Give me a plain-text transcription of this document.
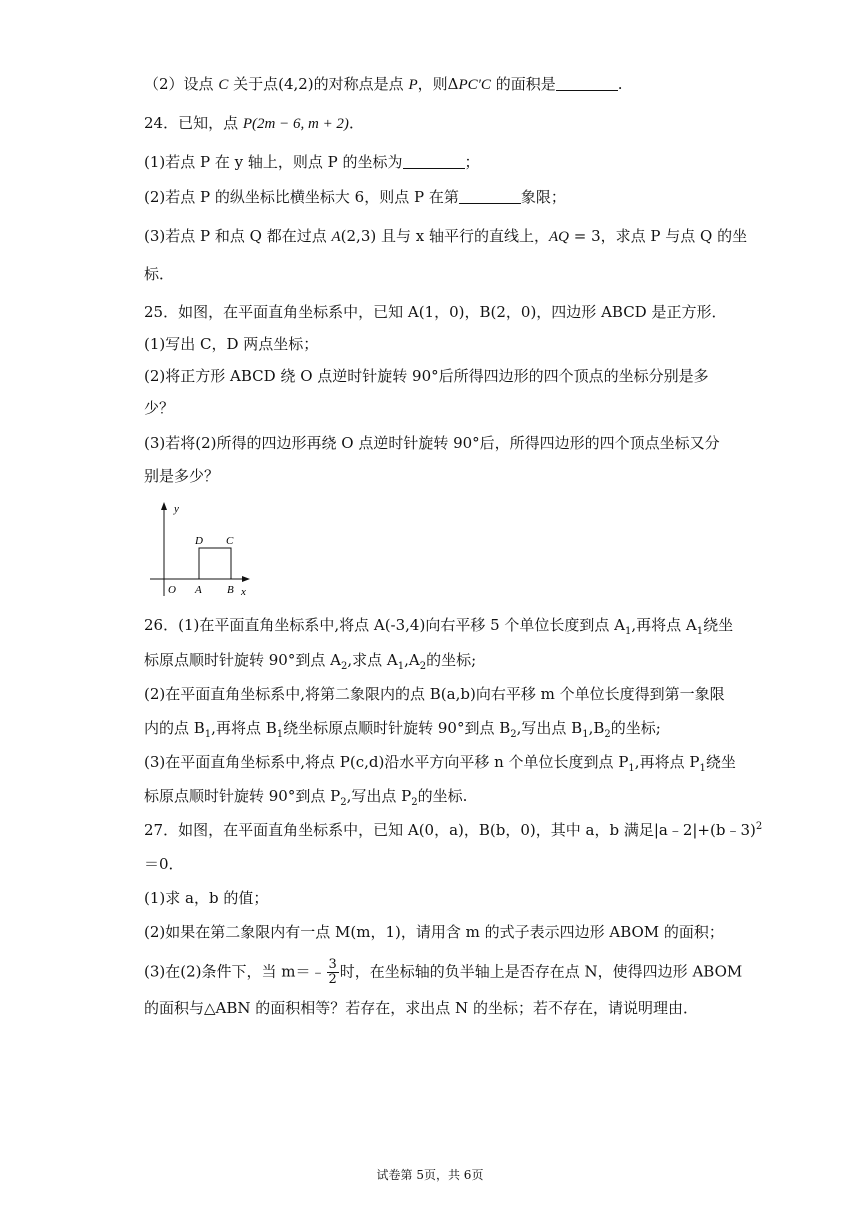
（2）设点 C 关于点(4,2)的对称点是点 P，则ΔPC′C 的面积是	.
24．已知，点 P(2m − 6, m + 2)．
(1)若点 P 在 y 轴上，则点 P 的坐标为	；
(2)若点 P 的纵坐标比横坐标大 6，则点 P 在第	象限；
(3)若点 P 和点 Q 都在过点 A(2,3) 且与 x 轴平行的直线上，AQ = 3，求点 P 与点 Q 的坐
标．
25．如图，在平面直角坐标系中，已知 A(1，0)，B(2，0)，四边形 ABCD 是正方形．
(1)写出 C，D 两点坐标；
(2)将正方形 ABCD 绕 O 点逆时针旋转 90°后所得四边形的四个顶点的坐标分别是多
少？
(3)若将(2)所得的四边形再绕 O 点逆时针旋转 90°后，所得四边形的四个顶点坐标又分
别是多少？
y
x
O A B
D C
26．(1)在平面直角坐标系中,将点 A(-3,4)向右平移 5 个单位长度到点 $A_1$,再将点 $A_1$绕坐
标原点顺时针旋转 90°到点 $A_2$,求点 $A_1,A_2$的坐标;
(2)在平面直角坐标系中,将第二象限内的点 B(a,b)向右平移 m 个单位长度得到第一象限
内的点 $B_1$,再将点 $B_1$绕坐标原点顺时针旋转 90°到点 $B_2$,写出点 $B_1,B_2$的坐标;
(3)在平面直角坐标系中,将点 P(c,d)沿水平方向平移 n 个单位长度到点 $P_1$,再将点 $P_1$绕坐
标原点顺时针旋转 90°到点 $P_2$,写出点 $P_2$的坐标.
27．如图，在平面直角坐标系中，已知 A(0，a)，B(b，0)，其中 a，b 满足|a﹣2|+(b﹣3)$^2$
＝0．
(1)求 a，b 的值；
(2)如果在第二象限内有一点 M(m，1)，请用含 m 的式子表示四边形 ABOM 的面积；
(3)在(2)条件下，当 m＝﹣ $\frac{3}{2}$ 时，在坐标轴的负半轴上是否存在点 N，使得四边形 ABOM
的面积与△ABN 的面积相等？若存在，求出点 N 的坐标；若不存在，请说明理由．
试卷第 5页，共 6页
